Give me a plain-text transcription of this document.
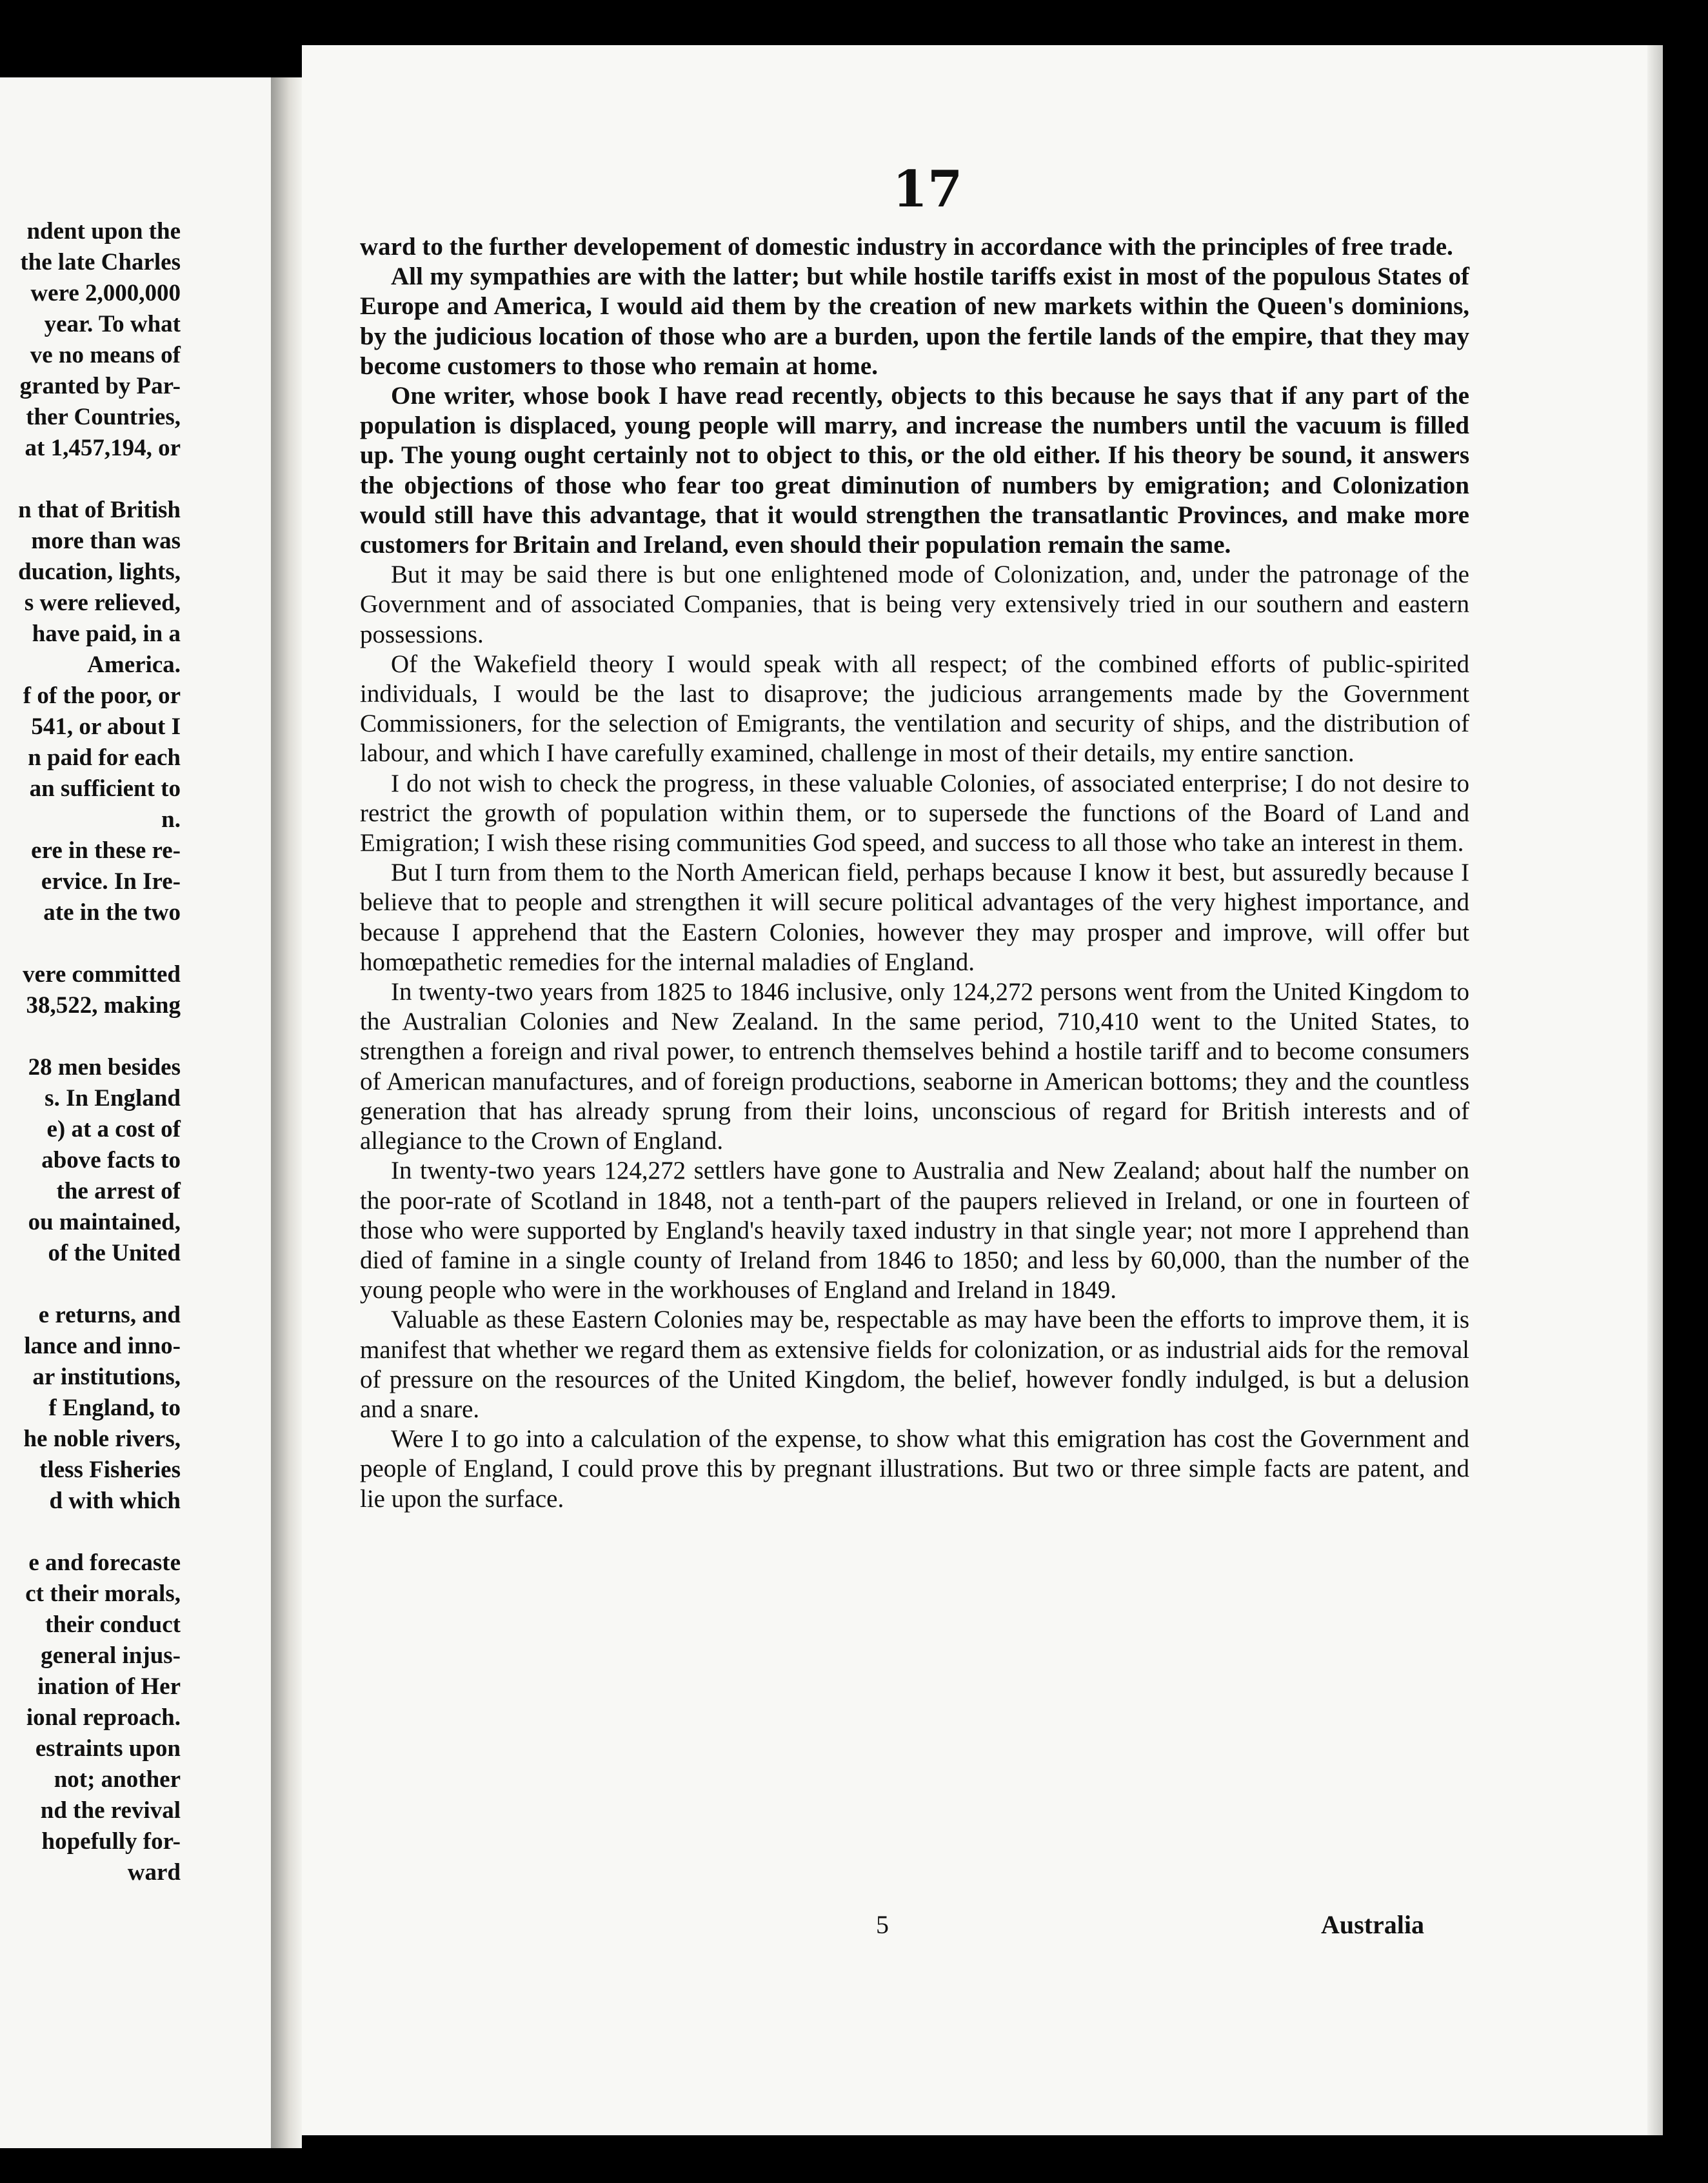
ndent upon the
the late Charles
were 2,000,000
year. To what
ve no means of
granted by Par-
ther Countries,
at 1,457,194, or

n that of British
more than was
ducation, lights,
s were relieved,
have paid, in a
America.
f of the poor, or
541, or about I
n paid for each
an sufficient to
n.
ere in these re-
ervice. In Ire-
ate in the two

vere committed
38,522, making

28 men besides
s. In England
e) at a cost of
above facts to
the arrest of
ou maintained,
of the United

e returns, and
lance and inno-
ar institutions,
f England, to
he noble rivers,
tless Fisheries
d with which

e and forecaste
ct their morals,
their conduct
general injus-
ination of Her
ional reproach.
estraints upon
not; another
nd the revival
hopefully for-
ward
17

ward to the further developement of domestic industry in accordance with the principles of free trade.

All my sympathies are with the latter; but while hostile tariffs exist in most of the populous States of Europe and America, I would aid them by the creation of new markets within the Queen's dominions, by the judicious location of those who are a burden, upon the fertile lands of the empire, that they may become customers to those who remain at home.

One writer, whose book I have read recently, objects to this because he says that if any part of the population is displaced, young people will marry, and increase the numbers until the vacuum is filled up. The young ought certainly not to object to this, or the old either. If his theory be sound, it answers the objections of those who fear too great diminution of numbers by emigration; and Colonization would still have this advantage, that it would strengthen the transatlantic Provinces, and make more customers for Britain and Ireland, even should their population remain the same.

But it may be said there is but one enlightened mode of Colonization, and, under the patronage of the Government and of associated Companies, that is being very extensively tried in our southern and eastern possessions.

Of the Wakefield theory I would speak with all respect; of the combined efforts of public-spirited individuals, I would be the last to disaprove; the judicious arrangements made by the Government Commissioners, for the selection of Emigrants, the ventilation and security of ships, and the distribution of labour, and which I have carefully examined, challenge in most of their details, my entire sanction.

I do not wish to check the progress, in these valuable Colonies, of associated enterprise; I do not desire to restrict the growth of population within them, or to supersede the functions of the Board of Land and Emigration; I wish these rising communities God speed, and success to all those who take an interest in them.

But I turn from them to the North American field, perhaps because I know it best, but assuredly because I believe that to people and strengthen it will secure political advantages of the very highest importance, and because I apprehend that the Eastern Colonies, however they may prosper and improve, will offer but homœpathetic remedies for the internal maladies of England.

In twenty-two years from 1825 to 1846 inclusive, only 124,272 persons went from the United Kingdom to the Australian Colonies and New Zealand. In the same period, 710,410 went to the United States, to strengthen a foreign and rival power, to entrench themselves behind a hostile tariff and to become consumers of American manufactures, and of foreign productions, seaborne in American bottoms; they and the countless generation that has already sprung from their loins, unconscious of regard for British interests and of allegiance to the Crown of England.

In twenty-two years 124,272 settlers have gone to Australia and New Zealand; about half the number on the poor-rate of Scotland in 1848, not a tenth-part of the paupers relieved in Ireland, or one in fourteen of those who were supported by England's heavily taxed industry in that single year; not more I apprehend than died of famine in a single county of Ireland from 1846 to 1850; and less by 60,000, than the number of the young people who were in the workhouses of England and Ireland in 1849.

Valuable as these Eastern Colonies may be, respectable as may have been the efforts to improve them, it is manifest that whether we regard them as extensive fields for colonization, or as industrial aids for the removal of pressure on the resources of the United Kingdom, the belief, however fondly indulged, is but a delusion and a snare.

Were I to go into a calculation of the expense, to show what this emigration has cost the Government and people of England, I could prove this by pregnant illustrations. But two or three simple facts are patent, and lie upon the surface.

5	Australia
